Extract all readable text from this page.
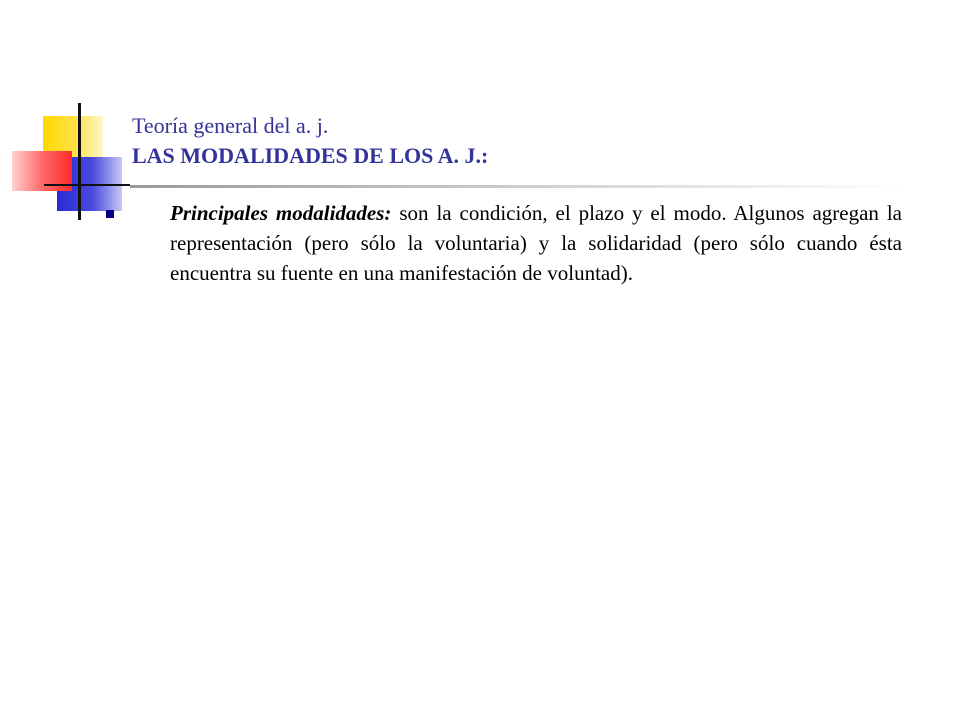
Teoría general del a. j.
LAS MODALIDADES DE LOS A. J.:
Principales modalidades: son la condición, el plazo y el modo. Algunos agregan la representación (pero sólo la voluntaria) y la solidaridad (pero sólo cuando ésta encuentra su fuente en una manifestación de voluntad).
